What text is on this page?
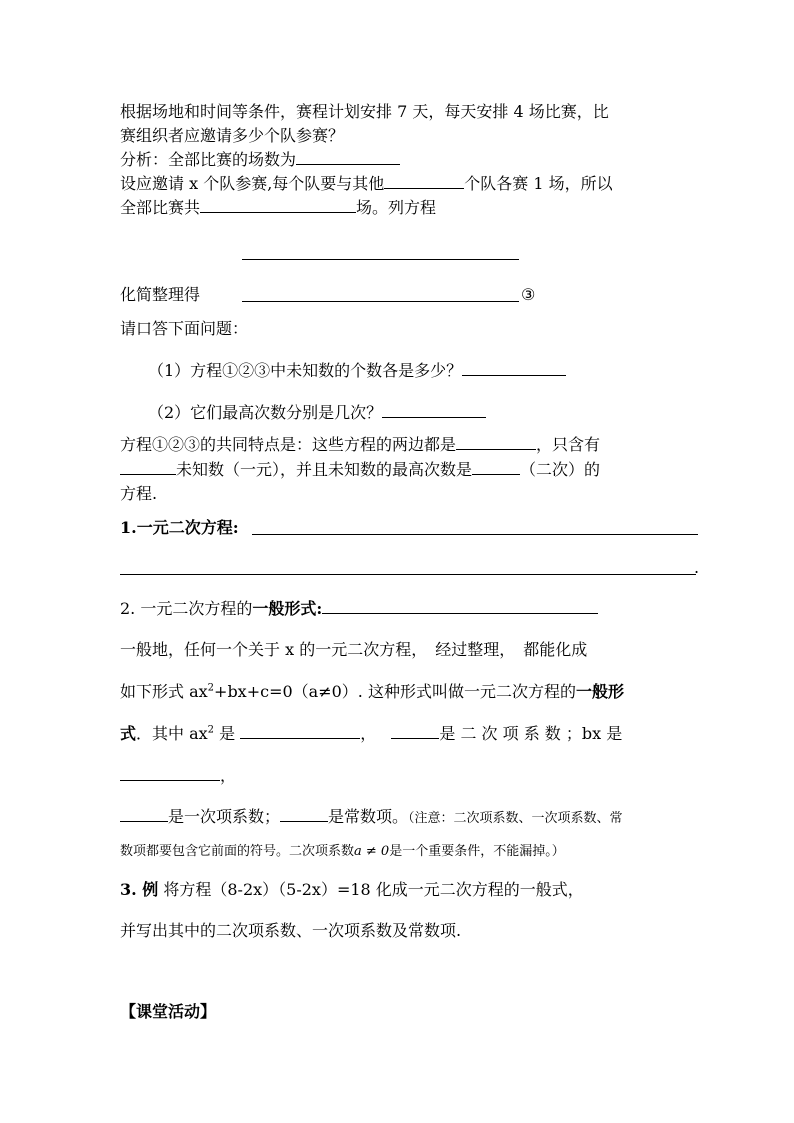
根据场地和时间等条件，赛程计划安排 7 天，每天安排 4 场比赛，比
赛组织者应邀请多少个队参赛？
分析：全部比赛的场数为
设应邀请 x 个队参赛,每个队要与其他	个队各赛 1 场，所以
全部比赛共	场。列方程
化简整理得	③
请口答下面问题：
（1）方程①②③中未知数的个数各是多少？
（2）它们最高次数分别是几次？
方程①②③的共同特点是：这些方程的两边都是	，只含有
未知数（一元），并且未知数的最高次数是	（二次）的
方程.
1.一元二次方程:
.
2. 一元二次方程的一般形式:
一般地，任何一个关于 x 的一元二次方程，　经过整理，　都能化成
如下形式 $ax^2+bx+c=0(a\ne 0)$. 这种形式叫做一元二次方程的一般形
式．其中 $ax^2$ 是	，	是 二 次 项 系 数 ；bx 是
，
是一次项系数；	是常数项。（注意：二次项系数、一次项系数、常
数项都要包含它前面的符号。二次项系数a ≠ 0是一个重要条件，不能漏掉。）
3. 例 将方程（8-2x）（5-2x）=18 化成一元二次方程的一般式，
并写出其中的二次项系数、一次项系数及常数项.
【课堂活动】
